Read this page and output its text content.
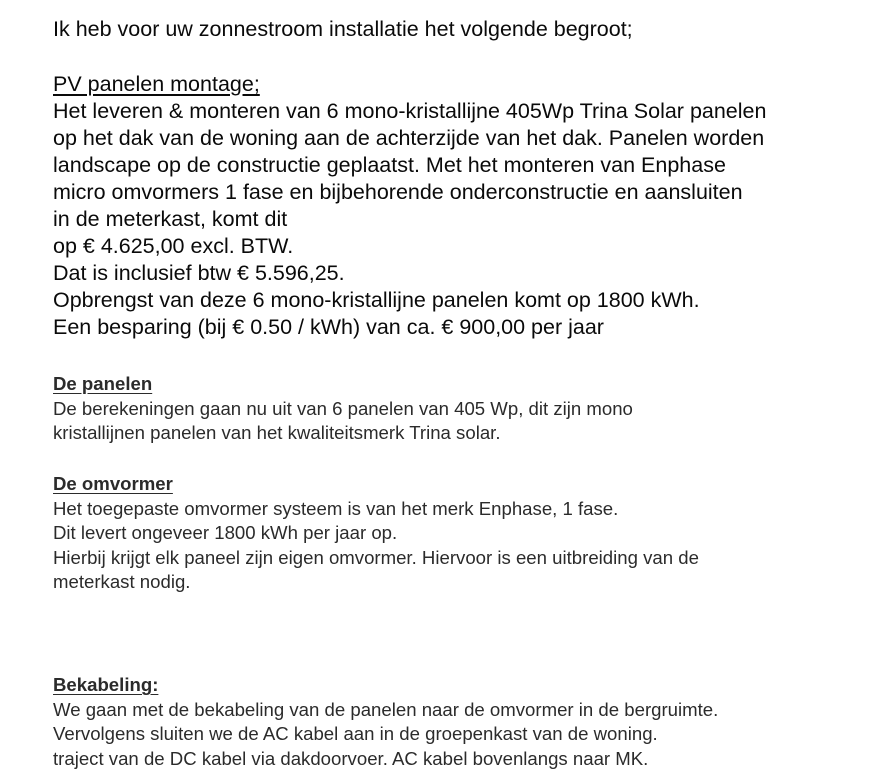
Ik heb voor uw zonnestroom installatie het volgende begroot;
PV panelen montage;
Het leveren & monteren van 6 mono-kristallijne 405Wp Trina Solar panelen
op het dak van de woning aan de achterzijde van het dak. Panelen worden
landscape op de constructie geplaatst. Met het monteren van Enphase
micro omvormers 1 fase en bijbehorende onderconstructie en aansluiten
in de meterkast, komt dit
op € 4.625,00 excl. BTW.
Dat is inclusief btw € 5.596,25.
Opbrengst van deze 6 mono-kristallijne panelen komt op 1800 kWh.
Een besparing (bij € 0.50 / kWh) van ca. € 900,00 per jaar
De panelen
De berekeningen gaan nu uit van 6 panelen van 405 Wp, dit zijn mono
kristallijnen panelen van het kwaliteitsmerk Trina solar.
De omvormer
Het toegepaste omvormer systeem is van het merk Enphase, 1 fase.
Dit levert ongeveer 1800 kWh per jaar op.
Hierbij krijgt elk paneel zijn eigen omvormer. Hiervoor is een uitbreiding van de
meterkast nodig.
Bekabeling:
We gaan met de bekabeling van de panelen naar de omvormer in de bergruimte.
Vervolgens sluiten we de AC kabel aan in de groepenkast van de woning.
traject van de DC kabel via dakdoorvoer. AC kabel bovenlangs naar MK.
